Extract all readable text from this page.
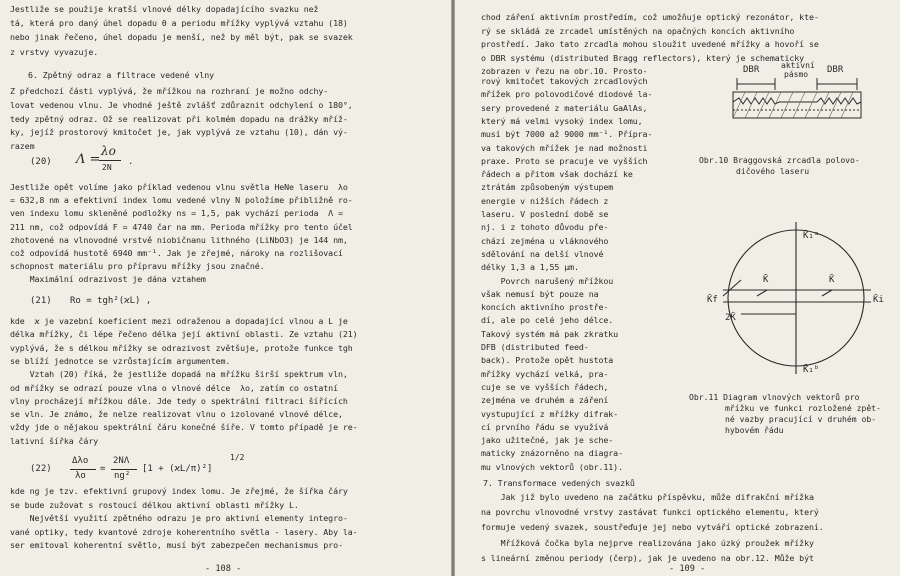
Jestliže se použije kratší vlnové délky dopadajícího svazku než
tá, která pro daný úhel dopadu θ a periodu mřížky vyplývá vztahu (18)
nebo jinak řečeno, úhel dopadu je menší, než by měl být, pak se svazek
z vrstvy vyvazuje.
6. Zpětný odraz a filtrace vedené vlny
Z předchozí části vyplývá, že mřížkou na rozhraní je možno odchy-
lovat vedenou vlnu. Je vhodné ještě zvlášť zdůraznit odchylení o 180°,
tedy zpětný odraz. Ož se realizovat při kolmém dopadu na drážky mříž-
ky, jejíž prostorový kmitočet je, jak vyplývá ze vztahu (10), dán vý-
razem
(20) Λ =
λo
2N
.
Jestliže opět volíme jako příklad vedenou vlnu světla HeNe laseru  λo
= 632,8 nm a efektivní index lomu vedené vlny N položíme přibližně ro-
ven indexu lomu skleněné podložky ns = 1,5, pak vychází perioda  Λ =
211 nm, což odpovídá F = 4740 čar na mm. Perioda mřížky pro tento účel
zhotovené na vlnovodné vrstvě niobičnanu lithného (LiNbO3) je 144 nm,
což odpovídá hustotě 6940 mm⁻¹. Jak je zřejmé, nároky na rozlišovací
schopnost materiálu pro přípravu mřížky jsou značné.
Maximální odrazivost je dána vztahem
(21) Ro = tgh²(ϰL) ,
kde  ϰ je vazební koeficient mezi odraženou a dopadající vlnou a L je
délka mřížky, či lépe řečeno délka její aktivní oblasti. Ze vztahu (21)
vyplývá, že s délkou mřížky se odrazivost zvětšuje, protože funkce tgh
se blíží jednotce se vzrůstajícím argumentem.
Vztah (20) říká, že jestliže dopadá na mřížku širší spektrum vln,
od mřížky se odrazí pouze vlna o vlnové délce  λo, zatím co ostatní
vlny procházejí mřížkou dále. Jde tedy o spektrální filtraci šířících
se vln. Je známo, že nelze realizovat vlnu o izolované vlnové délce,
vždy jde o nějakou spektrální čáru konečné šíře. V tomto případě je re-
lativní šířka čáry
(22)
Δλo
λo
=
2NΛ
ng²
[1 + (ϰL/π)²]
1/2
kde ng je tzv. efektivní grupový index lomu. Je zřejmé, že šířka čáry
se bude zužovat s rostoucí délkou aktivní oblasti mřížky L.
Největší využití zpětného odrazu je pro aktivní elementy integro-
vané optiky, tedy kvantové zdroje koherentního světla - lasery. Aby la-
ser emitoval koherentní světlo, musí být zabezpečen mechanismus pro-
- 108 -
chod záření aktivním prostředím, což umožňuje optický rezonátor, kte-
rý se skládá ze zrcadel umístěných na opačných koncích aktivního
prostředí. Jako tato zrcadla mohou sloužit uvedené mřížky a hovoří se
o DBR systému (distributed Bragg reflectors), který je schematicky
zobrazen v řezu na obr.10. Prosto-
rový kmitočet takových zrcadlových
mřížek pro polovodičové diodové la-
sery provedené z materiálu GaAlAs,
který má velmi vysoký index lomu,
musí být 7000 až 9000 mm⁻¹. Přípra-
va takových mřížek je nad možnosti
praxe. Proto se pracuje ve vyšších
řádech a přitom však dochází ke
ztrátám způsobeným výstupem
energie v nižších řádech z
laseru. V poslední době se
nj. i z tohoto důvodu pře-
chází zejména u vláknového
sdělování na delší vlnové
délky 1,3 a 1,55 μm.
Povrch narušený mřížkou
však nemusí být pouze na
koncích aktivního prostře-
dí, ale po celé jeho délce.
Takový systém má pak zkratku
DFB (distributed feed-
back). Protože opět hustota
mřížky vychází velká, pra-
cuje se ve vyšších řádech,
zejména ve druhém a záření
vystupující z mřížky difrak-
cí prvního řádu se využívá
jako užitečné, jak je sche-
maticky znázorněno na diagra-
mu vlnových vektorů (obr.11).
DBR	aktivní
pásmo DBR
Obr.10 Braggovská zrcadla polovo-
dičového laseru
K̄₁ᵃ
K̄	K̄
K̄f	K̄i
2K̄
K̄₁ᵇ
Obr.11 Diagram vlnových vektorů pro
mřížku ve funkci rozložené zpět-
né vazby pracující v druhém ob-
hybovém řádu
7. Transformace vedených svazků
Jak již bylo uvedeno na začátku příspěvku, může difrakční mřížka
na povrchu vlnovodné vrstvy zastávat funkci optického elementu, který
formuje vedený svazek, soustřeďuje jej nebo vytváří optické zobrazení.
Mřížková čočka byla nejprve realizována jako úzký proužek mřížky
s lineární změnou periody (čerp), jak je uvedeno na obr.12. Může být
- 109 -
